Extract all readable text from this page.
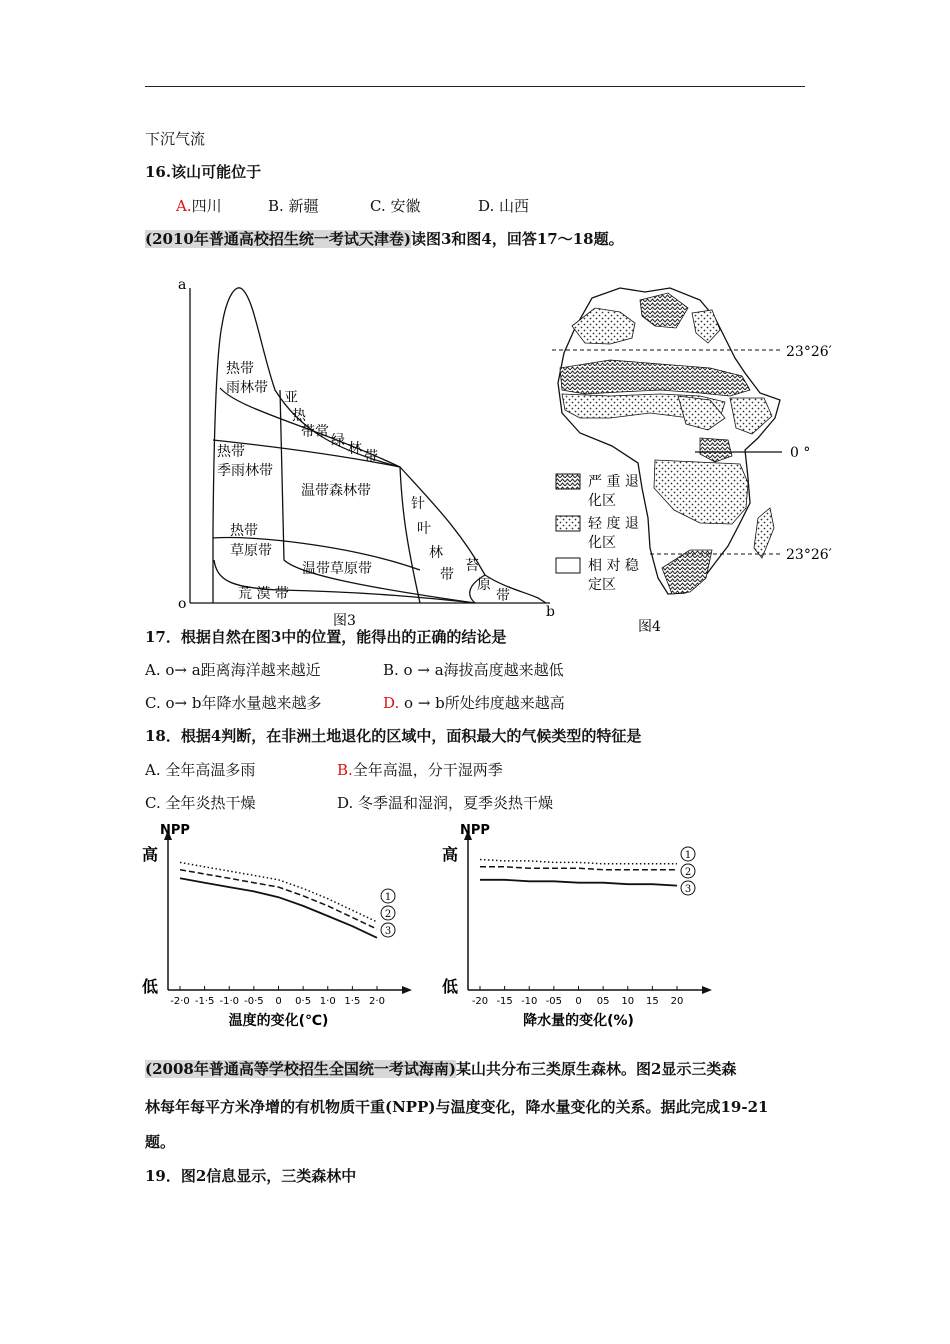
下沉气流
16.该山可能位于
A.四川	B. 新疆	C. 安徽	D. 山西
(2010年普通高校招生统一考试天津卷)读图3和图4，回答17～18题。
a
o	b
图3
热带
雨林带
亚
热
带常
绿 林 带
热带
季雨林带
温带森林带
针
叶
林
带
热带
草原带
温带草原带	苔
原
带
荒 漠 带
23°26′
0 °
23°26′
严 重 退
化区
轻 度 退
化区
相 对 稳
定区
图4
17．根据自然在图3中的位置，能得出的正确的结论是
A. o→ a距离海洋越来越近	B. o → a海拔高度越来越低
C. o→ b年降水量越来越多	D. o → b所处纬度越来越高
18．根据4判断，在非洲土地退化的区域中，面积最大的气候类型的特征是
A. 全年高温多雨	B.全年高温，分干湿两季
C. 全年炎热干燥	D. 冬季温和湿润，夏季炎热干燥
NPP
高
低
-2·0 -1·5 -1·0 -0·5 0 0·5 1·0 1·5 2·0
温度的变化(℃)
1
2
3
NPP
高
低
-20 -15 -10 -05 0 05 10 15 20
降水量的变化(%)
1
2
3
(2008年普通高等学校招生全国统一考试海南)某山共分布三类原生森林。图2显示三类森
林每年每平方米净增的有机物质干重(NPP)与温度变化，降水量变化的关系。据此完成19-21
题。
19．图2信息显示，三类森林中
